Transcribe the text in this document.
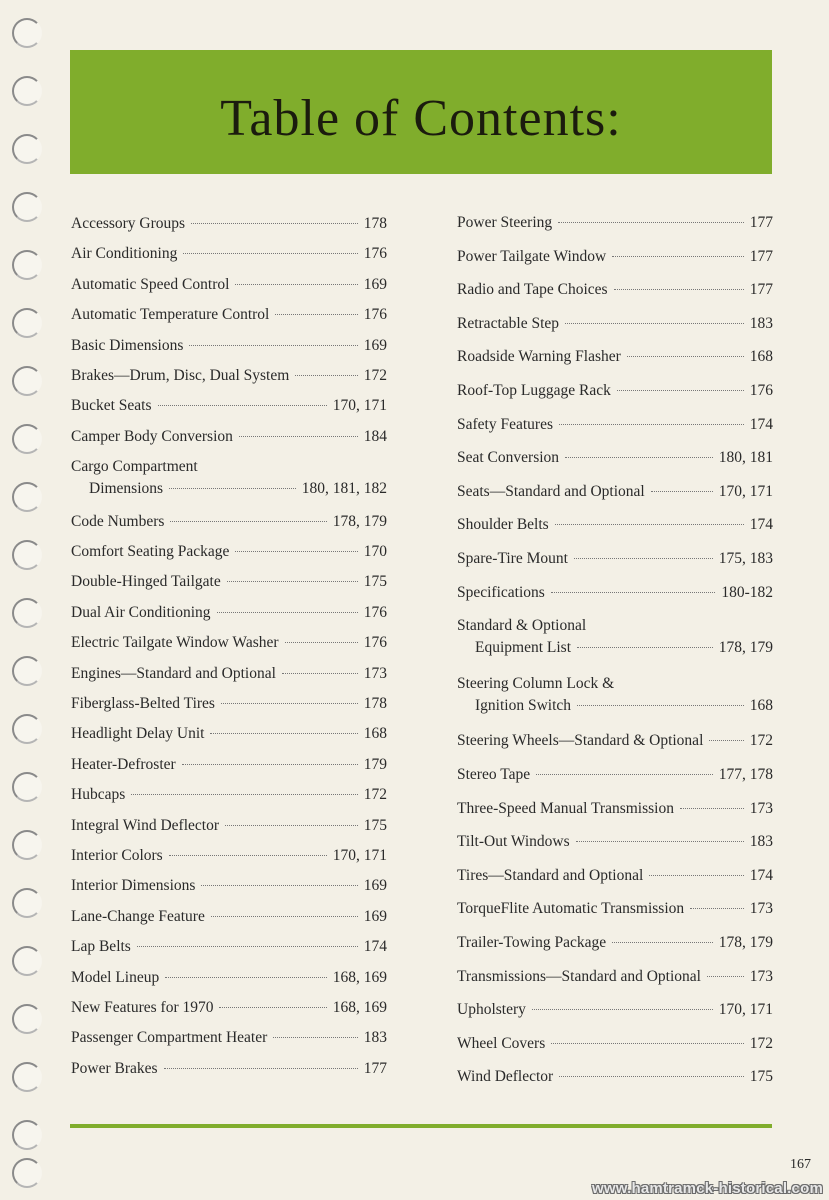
Table of Contents:
Accessory Groups	178
Air Conditioning	176
Automatic Speed Control	169
Automatic Temperature Control	176
Basic Dimensions	169
Brakes—Drum, Disc, Dual System	172
Bucket Seats	170, 171
Camper Body Conversion	184
Cargo Compartment
Dimensions	180, 181, 182
Code Numbers	178, 179
Comfort Seating Package	170
Double-Hinged Tailgate	175
Dual Air Conditioning	176
Electric Tailgate Window Washer	176
Engines—Standard and Optional	173
Fiberglass-Belted Tires	178
Headlight Delay Unit	168
Heater-Defroster	179
Hubcaps	172
Integral Wind Deflector	175
Interior Colors	170, 171
Interior Dimensions	169
Lane-Change Feature	169
Lap Belts	174
Model Lineup	168, 169
New Features for 1970	168, 169
Passenger Compartment Heater	183
Power Brakes	177
Power Steering	177
Power Tailgate Window	177
Radio and Tape Choices	177
Retractable Step	183
Roadside Warning Flasher	168
Roof-Top Luggage Rack	176
Safety Features	174
Seat Conversion	180, 181
Seats—Standard and Optional	170, 171
Shoulder Belts	174
Spare-Tire Mount	175, 183
Specifications	180-182
Standard & Optional
Equipment List	178, 179
Steering Column Lock &
Ignition Switch	168
Steering Wheels—Standard & Optional	172
Stereo Tape	177, 178
Three-Speed Manual Transmission	173
Tilt-Out Windows	183
Tires—Standard and Optional	174
TorqueFlite Automatic Transmission	173
Trailer-Towing Package	178, 179
Transmissions—Standard and Optional	173
Upholstery	170, 171
Wheel Covers	172
Wind Deflector	175
167
www.hamtramck-historical.com
